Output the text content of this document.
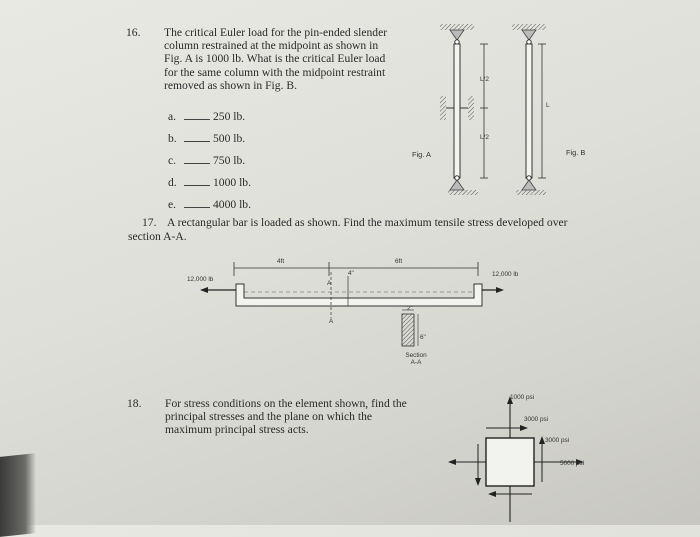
16. The critical Euler load for the pin-ended slender
column restrained at the midpoint as shown in
Fig. A is 1000 lb. What is the critical Euler load
for the same column with the midpoint restraint
removed as shown in Fig. B.
a.	250 lb.
b.	500 lb.
c.	750 lb.
d.	1000 lb.
e.	4000 lb.
L/2
L/2
L
Fig. A	Fig. B
17. A rectangular bar is loaded as shown. Find the maximum tensile stress developed over
section A-A.
4ft	6ft
12,000 lb
12,000 lb
4"
A
A
2"
6"
Section
A-A
18. For stress conditions on the element shown, find the
principal stresses and the plane on which the
maximum principal stress acts.
1000 psi
3000 psi
3000 psi
5000 psi
